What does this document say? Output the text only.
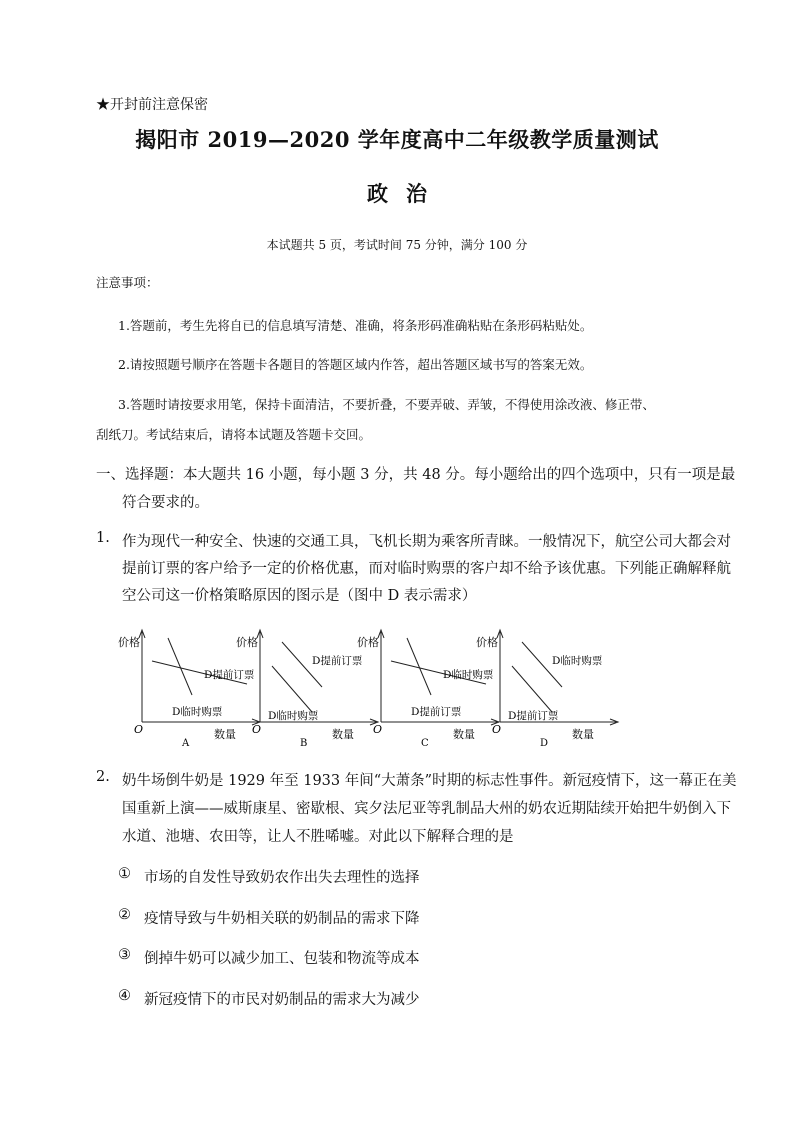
★开封前注意保密
揭阳市 2019—2020 学年度高中二年级教学质量测试
政治
本试题共 5 页，考试时间 75 分钟，满分 100 分
注意事项：
1.答题前，考生先将自已的信息填写清楚、准确，将条形码准确粘贴在条形码粘贴处。
2.请按照题号顺序在答题卡各题目的答题区域内作答，超出答题区域书写的答案无效。
3.答题时请按要求用笔，保持卡面清洁，不要折叠，不要弄破、弄皱，不得使用涂改液、修正带、
刮纸刀。考试结束后，请将本试题及答题卡交回。
一、选择题：本大题共 16 小题，每小题 3 分，共 48 分。每小题给出的四个选项中，只有一项是最
符合要求的。
1. 作为现代一种安全、快速的交通工具，飞机长期为乘客所青睐。一般情况下，航空公司大都会对
提前订票的客户给予一定的价格优惠，而对临时购票的客户却不给予该优惠。下列能正确解释航
空公司这一价格策略原因的图示是（图中 D 表示需求）
价格
数量
O
A
D提前订票
D临时购票
价格
数量
O
B
D提前订票
D临时购票
价格
数量
O
C
D临时购票
D提前订票
价格
数量
O
D
D临时购票
D提前订票
2. 奶牛场倒牛奶是 1929 年至 1933 年间“大萧条”时期的标志性事件。新冠疫情下，这一幕正在美
国重新上演——威斯康星、密歇根、宾夕法尼亚等乳制品大州的奶农近期陆续开始把牛奶倒入下
水道、池塘、农田等，让人不胜唏嘘。对此以下解释合理的是
① 市场的自发性导致奶农作出失去理性的选择
② 疫情导致与牛奶相关联的奶制品的需求下降
③ 倒掉牛奶可以减少加工、包装和物流等成本
④ 新冠疫情下的市民对奶制品的需求大为减少
